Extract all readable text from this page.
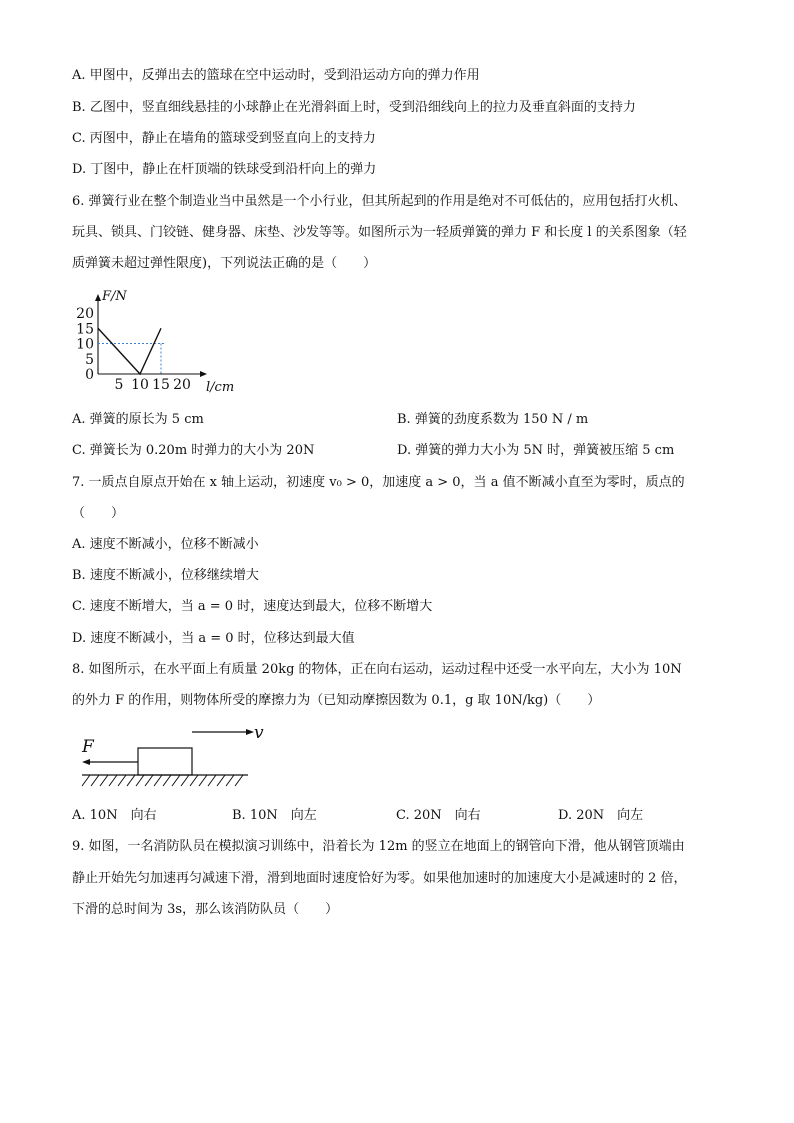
A. 甲图中，反弹出去的篮球在空中运动时，受到沿运动方向的弹力作用
B. 乙图中，竖直细线悬挂的小球静止在光滑斜面上时，受到沿细线向上的拉力及垂直斜面的支持力
C. 丙图中，静止在墙角的篮球受到竖直向上的支持力
D. 丁图中，静止在杆顶端的铁球受到沿杆向上的弹力
6. 弹簧行业在整个制造业当中虽然是一个小行业，但其所起到的作用是绝对不可低估的，应用包括打火机、
玩具、锁具、门铰链、健身器、床垫、沙发等等。如图所示为一轻质弹簧的弹力 F 和长度 l 的关系图象（轻
质弹簧未超过弹性限度)，下列说法正确的是（　　）
0
5
10
15
20
5 10 15 20
F/N
l/cm
A. 弹簧的原长为 5 cm	B. 弹簧的劲度系数为 150 N / m
C. 弹簧长为 0.20m 时弹力的大小为 20N	D. 弹簧的弹力大小为 5N 时，弹簧被压缩 5 cm
7. 一质点自原点开始在 x 轴上运动，初速度 v₀ > 0，加速度 a > 0，当 a 值不断减小直至为零时，质点的
（　　）
A. 速度不断减小，位移不断减小
B. 速度不断减小，位移继续增大
C. 速度不断增大，当 a = 0 时，速度达到最大，位移不断增大
D. 速度不断减小，当 a = 0 时，位移达到最大值
8. 如图所示，在水平面上有质量 20kg 的物体，正在向右运动，运动过程中还受一水平向左，大小为 10N
的外力 F 的作用，则物体所受的摩擦力为（已知动摩擦因数为 0.1，g 取 10N/kg)（　　）
F
v
A. 10N　向右	B. 10N　向左	C. 20N　向右	D. 20N　向左
9. 如图，一名消防队员在模拟演习训练中，沿着长为 12m 的竖立在地面上的钢管向下滑，他从钢管顶端由
静止开始先匀加速再匀减速下滑，滑到地面时速度恰好为零。如果他加速时的加速度大小是减速时的 2 倍，
下滑的总时间为 3s，那么该消防队员（　　）
